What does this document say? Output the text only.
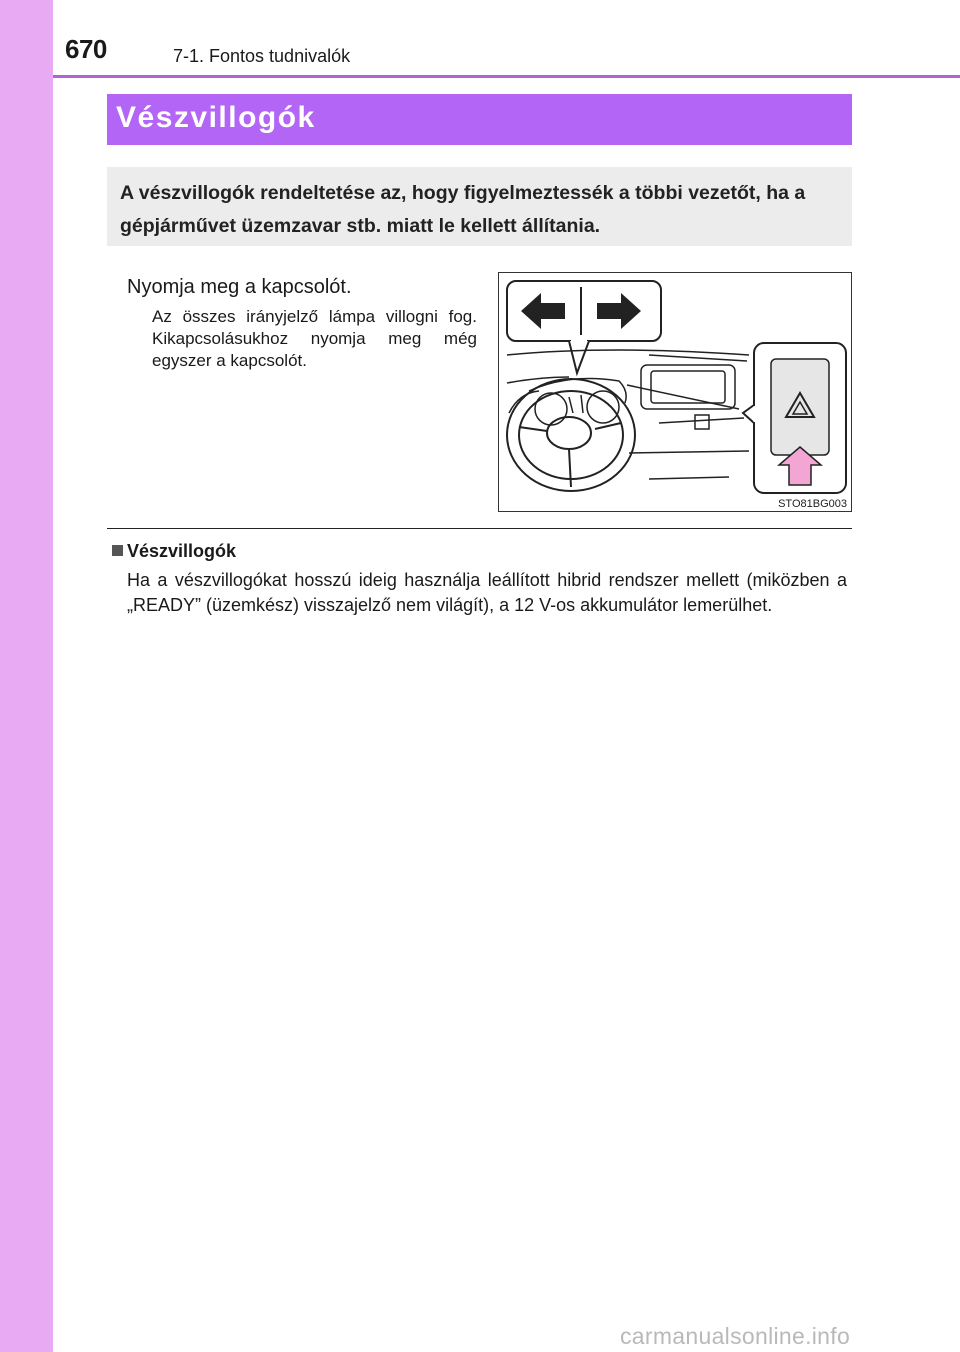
670	7-1. Fontos tudnivalók
Vészvillogók
A vészvillogók rendeltetése az, hogy figyelmeztessék a többi vezetőt, ha a gépjárművet üzemzavar stb. miatt le kellett állítania.
Nyomja meg a kapcsolót.
Az összes irányjelző lámpa villogni fog. Kikapcsolásukhoz nyomja meg még egyszer a kapcsolót.
STO81BG003
Vészvillogók
Ha a vészvillogókat hosszú ideig használja leállított hibrid rendszer mellett (miközben a „READY” (üzemkész) visszajelző nem világít), a 12 V-os akkumulátor lemerülhet.
carmanualsonline.info
